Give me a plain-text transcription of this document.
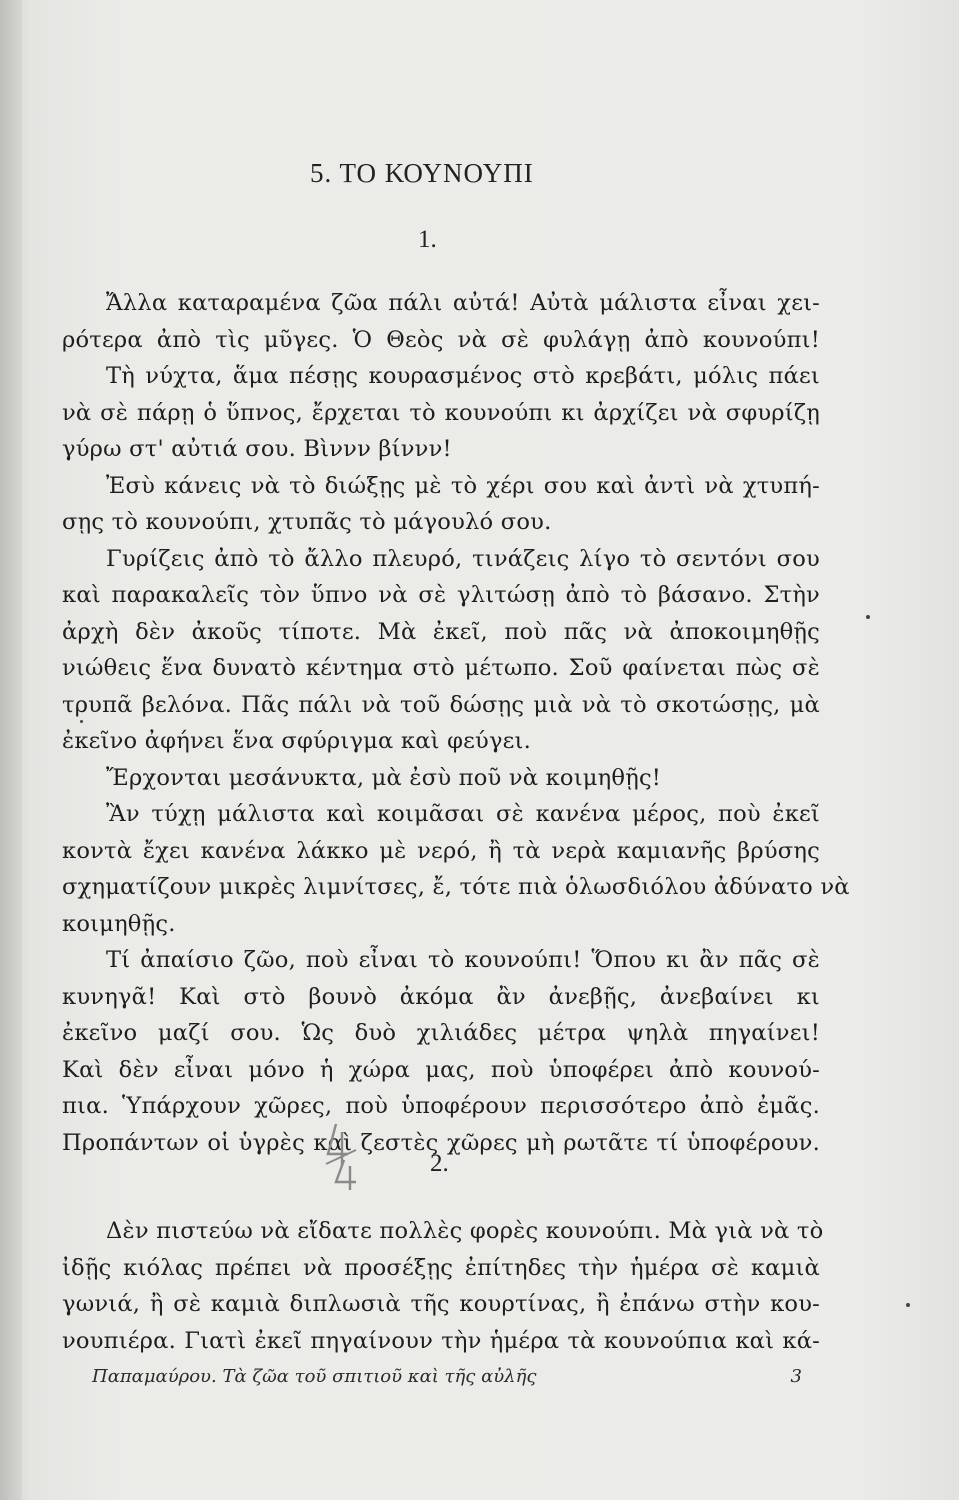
5. ΤΟ ΚΟΥΝΟΥΠΙ
1.
Ἄλλα καταραμένα ζῶα πάλι αὐτά! Αὐτὰ μάλιστα εἶναι χει-
ρότερα ἀπὸ τὶς μῦγες. Ὁ Θεὸς νὰ σὲ φυλάγῃ ἀπὸ κουνούπι!
Τὴ νύχτα, ἅμα πέσῃς κουρασμένος στὸ κρεβάτι, μόλις πάει
νὰ σὲ πάρῃ ὁ ὕπνος, ἔρχεται τὸ κουνούπι κι ἀρχίζει νὰ σφυρίζῃ
γύρω στ' αὐτιά σου. Βὶννν βίννν!
Ἐσὺ κάνεις νὰ τὸ διώξῃς μὲ τὸ χέρι σου καὶ ἀντὶ νὰ χτυπή-
σῃς τὸ κουνούπι, χτυπᾶς τὸ μάγουλό σου.
Γυρίζεις ἀπὸ τὸ ἄλλο πλευρό, τινάζεις λίγο τὸ σεντόνι σου
καὶ παρακαλεῖς τὸν ὕπνο νὰ σὲ γλιτώσῃ ἀπὸ τὸ βάσανο. Στὴν
ἀρχὴ δὲν ἀκοῦς τίποτε. Μὰ ἐκεῖ, ποὺ πᾶς νὰ ἀποκοιμηθῇς
νιώθεις ἕνα δυνατὸ κέντημα στὸ μέτωπο. Σοῦ φαίνεται πὼς σὲ
τρυπᾶ βελόνα. Πᾶς πάλι νὰ τοῦ δώσῃς μιὰ νὰ τὸ σκοτώσῃς, μὰ
ἐκεῖνο ἀφήνει ἕνα σφύριγμα καὶ φεύγει.
Ἔρχονται μεσάνυκτα, μὰ ἐσὺ ποῦ νὰ κοιμηθῇς!
Ἂν τύχῃ μάλιστα καὶ κοιμᾶσαι σὲ κανένα μέρος, ποὺ ἐκεῖ
κοντὰ ἔχει κανένα λάκκο μὲ νερό, ἢ τὰ νερὰ καμιανῆς βρύσης
σχηματίζουν μικρὲς λιμνίτσες, ἔ, τότε πιὰ ὁλωσδιόλου ἀδύνατο νὰ
κοιμηθῇς.
Τί ἀπαίσιο ζῶο, ποὺ εἶναι τὸ κουνούπι! Ὅπου κι ἂν πᾶς σὲ
κυνηγᾶ! Καὶ στὸ βουνὸ ἀκόμα ἂν ἀνεβῇς, ἀνεβαίνει κι
ἐκεῖνο μαζί σου. Ὡς δυὸ χιλιάδες μέτρα ψηλὰ πηγαίνει!
Καὶ δὲν εἶναι μόνο ἡ χώρα μας, ποὺ ὑποφέρει ἀπὸ κουνού-
πια. Ὑπάρχουν χῶρες, ποὺ ὑποφέρουν περισσότερο ἀπὸ ἐμᾶς.
Προπάντων οἱ ὑγρὲς καὶ ζεστὲς χῶρες μὴ ρωτᾶτε τί ὑποφέρουν.
2.
Δὲν πιστεύω νὰ εἴδατε πολλὲς φορὲς κουνούπι. Μὰ γιὰ νὰ τὸ
ἰδῇς κιόλας πρέπει νὰ προσέξῃς ἐπίτηδες τὴν ἡμέρα σὲ καμιὰ
γωνιά, ἢ σὲ καμιὰ διπλωσιὰ τῆς κουρτίνας, ἢ ἐπάνω στὴν κου-
νουπιέρα. Γιατὶ ἐκεῖ πηγαίνουν τὴν ἡμέρα τὰ κουνούπια καὶ κά-
Παπαμαύρου. Τὰ ζῶα τοῦ σπιτιοῦ καὶ τῆς αὐλῆς	3
